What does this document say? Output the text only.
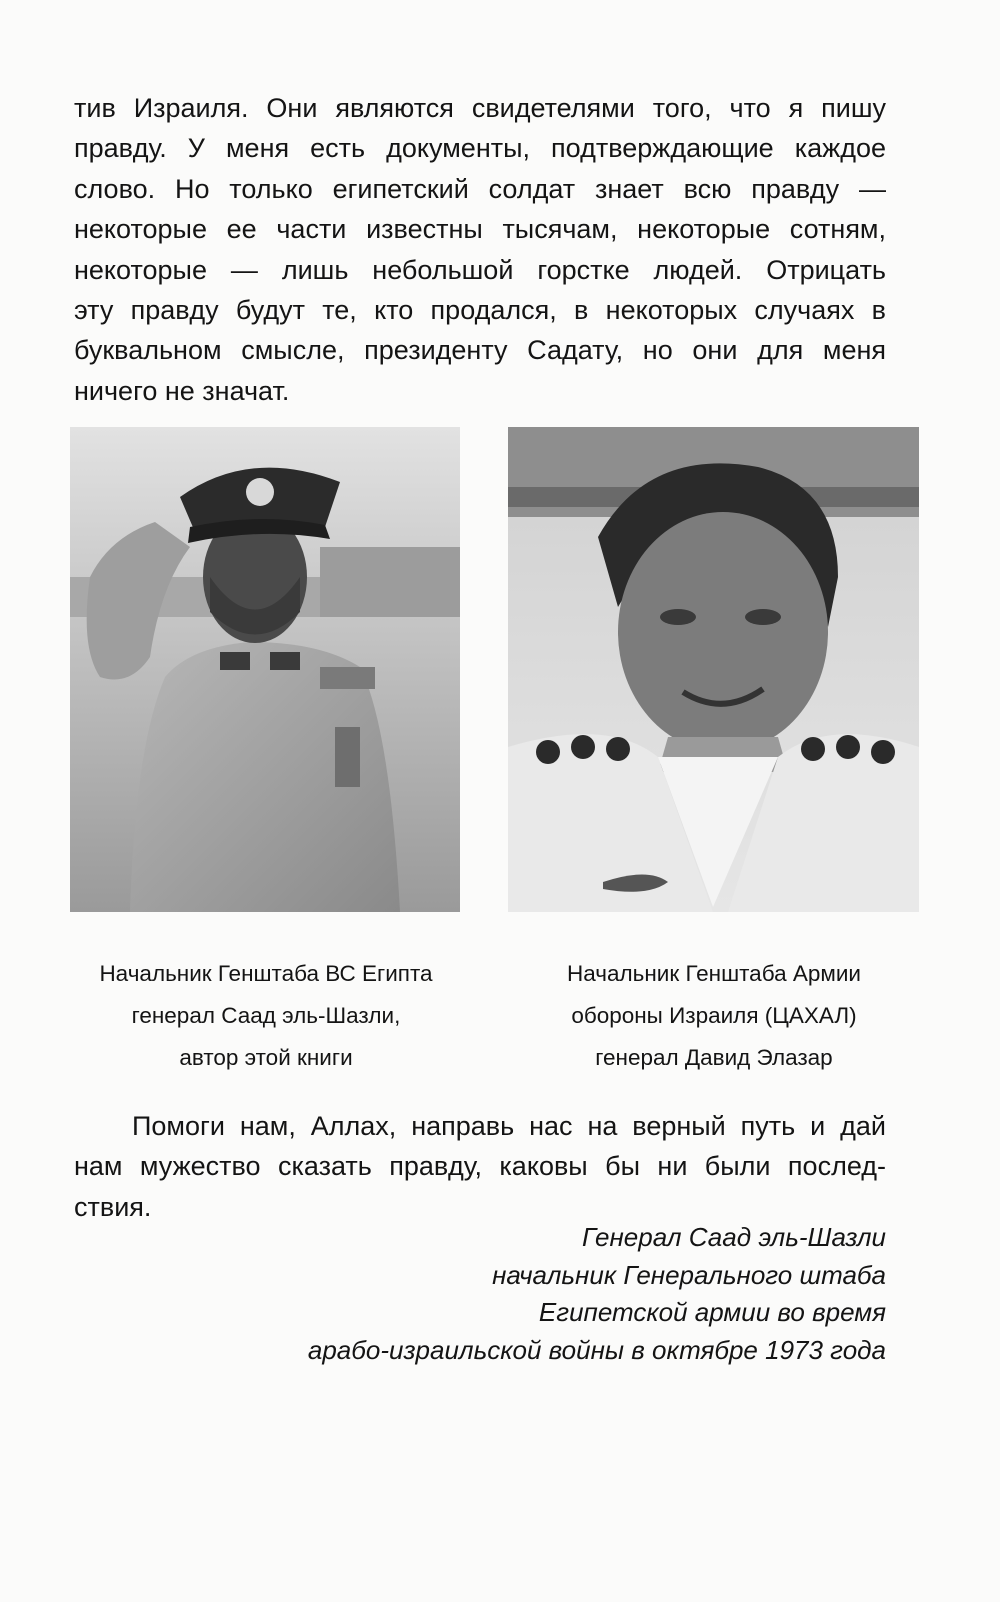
тив Израиля. Они являются свидетелями того, что я пишу
правду. У меня есть документы, подтверждающие каждое
слово. Но только египетский солдат знает всю правду —
некоторые ее части известны тысячам, некоторые сотням,
некоторые — лишь небольшой горстке людей. Отрицать
эту правду будут те, кто продался, в некоторых случаях в
буквальном смысле, президенту Садату, но они для меня
ничего не значат.
Начальник Генштаба ВС Египта
генерал Саад эль-Шазли,
автор этой книги
Начальник Генштаба Армии
обороны Израиля (ЦАХАЛ)
генерал Давид Элазар
Помоги нам, Аллах, направь нас на верный путь и дай
нам мужество сказать правду, каковы бы ни были послед-
ствия.
Генерал Саад эль-Шазли
начальник Генерального штаба
Египетской армии во время
арабо-израильской войны в октябре 1973 года
